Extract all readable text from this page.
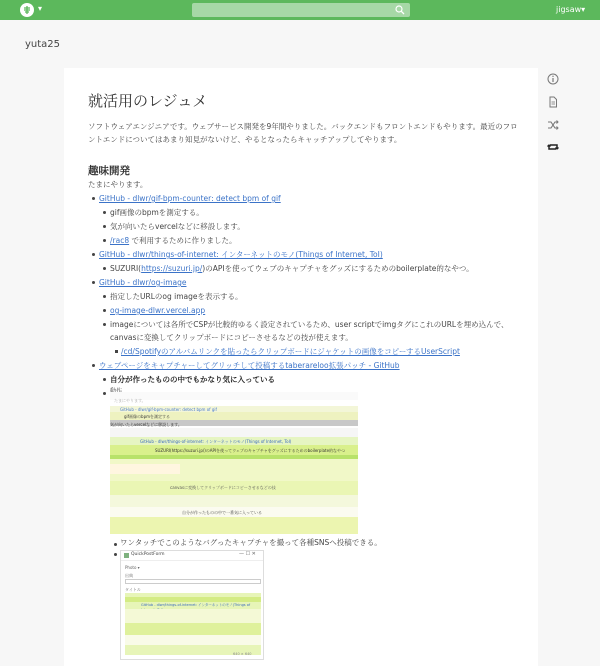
▾	jigsaw▾
yuta25
就活用のレジュメ
ソフトウェアエンジニアです。ウェブサービス開発を9年間やりました。バックエンドもフロントエンドもやります。最近のフロントエンドについてはあまり知見がないけど、やるとなったらキャッチアップしてやります。
趣味開発
たまにやります。
GitHub - dlwr/gif-bpm-counter: detect bpm of gif
gif画像のbpmを測定する。
気が向いたらvercelなどに移設します。
/rac8 で利用するために作りました。
GitHub - dlwr/things-of-internet: インターネットのモノ(Things of Internet, ToI)
SUZURI(https://suzuri.jp/)のAPIを使ってウェブのキャプチャをグッズにするためのboilerplate的なやつ。
GitHub - dlwr/og-image
指定したURLのog imageを表示する。
og-image-dlwr.vercel.app
imageについては各所でCSPが比較的ゆるく設定されているため、user scriptでimgタグにこれのURLを埋め込んで、
canvasに変換してクリップボードにコピーさせるなどの技が使えます。
/cd/Spotifyのアルバムリンクを貼ったらクリップボードにジャケットの画像をコピーするUserScript
ウェブページをキャプチャーしてグリッチして投稿するtaberareloo拡張パッチ - GitHub
自分が作ったものの中でもかなり気に入っている
たまにやります。
GitHub - dlwr/gif-bpm-counter: detect bpm of gif
gif画像のbpmを測定する
気が向いたらvercelなどに移設します。
GitHub - dlwr/things-of-internet: インターネットのモノ(Things of Internet, ToI)
SUZURI(https://suzuri.jp/)のAPIを使ってウェブのキャプチャをグッズにするためのboilerplate的なやつ
canvasに変換してクリップボードにコピーさせるなどの技
自分が作ったものの中で一番気に入っている
ワンタッチでこのようなバグったキャプチャを撮って各種SNSへ投稿できる。
QuickPostForm	— ☐ ✕
Photo ▾
出典
タイトル
GitHub - dlwr/things-of-internet: インターネットのモノ(Things of
640 × 640
